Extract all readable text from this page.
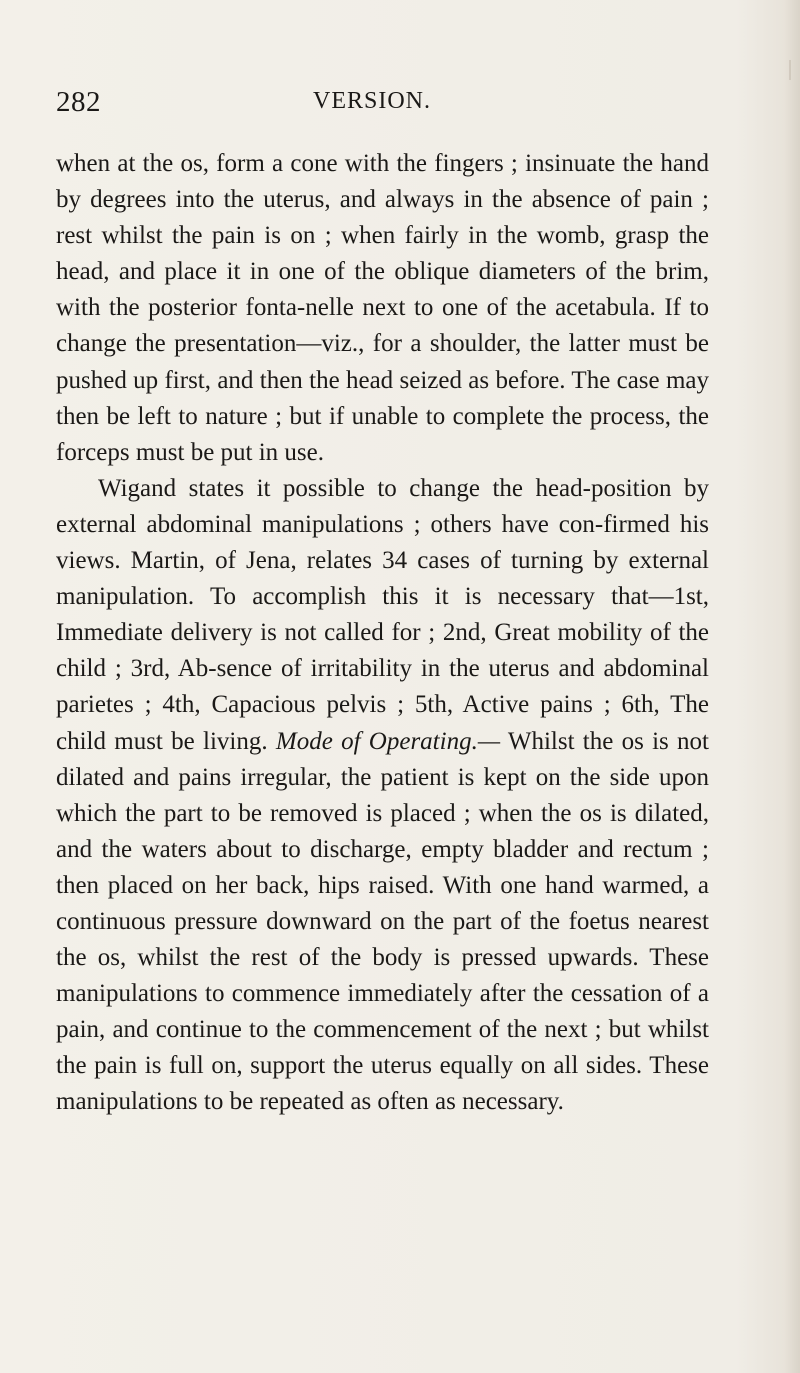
282	VERSION.

when at the os, form a cone with the fingers ; insinuate the hand by degrees into the uterus, and always in the absence of pain ; rest whilst the pain is on ; when fairly in the womb, grasp the head, and place it in one of the oblique diameters of the brim, with the posterior fonta-nelle next to one of the acetabula. If to change the presentation—viz., for a shoulder, the latter must be pushed up first, and then the head seized as before. The case may then be left to nature ; but if unable to complete the process, the forceps must be put in use.

Wigand states it possible to change the head-position by external abdominal manipulations ; others have con-firmed his views. Martin, of Jena, relates 34 cases of turning by external manipulation. To accomplish this it is necessary that—1st, Immediate delivery is not called for ; 2nd, Great mobility of the child ; 3rd, Ab-sence of irritability in the uterus and abdominal parietes ; 4th, Capacious pelvis ; 5th, Active pains ; 6th, The child must be living. Mode of Operating.— Whilst the os is not dilated and pains irregular, the patient is kept on the side upon which the part to be removed is placed ; when the os is dilated, and the waters about to discharge, empty bladder and rectum ; then placed on her back, hips raised. With one hand warmed, a continuous pressure downward on the part of the foetus nearest the os, whilst the rest of the body is pressed upwards. These manipulations to commence immediately after the cessation of a pain, and continue to the commencement of the next ; but whilst the pain is full on, support the uterus equally on all sides. These manipulations to be repeated as often as necessary.
